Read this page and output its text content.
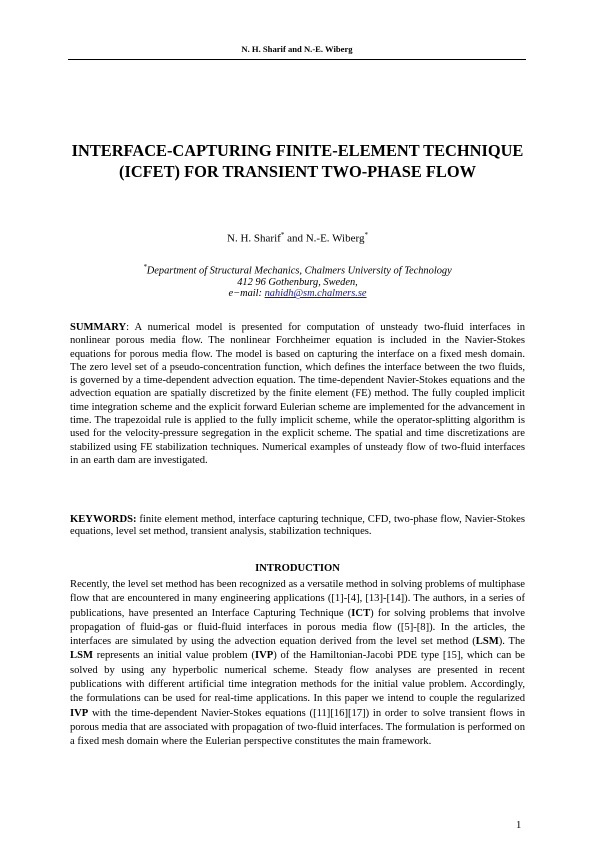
N. H. Sharif and N.-E. Wiberg
INTERFACE-CAPTURING FINITE-ELEMENT TECHNIQUE (ICFET) FOR TRANSIENT TWO-PHASE FLOW

N. H. Sharif* and N.-E. Wiberg*

*Department of Structural Mechanics, Chalmers University of Technology
412 96 Gothenburg, Sweden,
e−mail: nahidh@sm.chalmers.se

SUMMARY: A numerical model is presented for computation of unsteady two-fluid interfaces in nonlinear porous media flow. The nonlinear Forchheimer equation is included in the Navier-Stokes equations for porous media flow. The model is based on capturing the interface on a fixed mesh domain. The zero level set of a pseudo-concentration function, which defines the interface between the two fluids, is governed by a time-dependent advection equation. The time-dependent Navier-Stokes equations and the advection equation are spatially discretized by the finite element (FE) method. The fully coupled implicit time integration scheme and the explicit forward Eulerian scheme are implemented for the advancement in time. The trapezoidal rule is applied to the fully implicit scheme, while the operator-splitting algorithm is used for the velocity-pressure segregation in the explicit scheme. The spatial and time discretizations are stabilized using FE stabilization techniques. Numerical examples of unsteady flow of two-fluid interfaces in an earth dam are investigated.

KEYWORDS: finite element method, interface capturing technique, CFD, two-phase flow, Navier-Stokes equations, level set method, transient analysis, stabilization techniques.

INTRODUCTION

Recently, the level set method has been recognized as a versatile method in solving problems of multiphase flow that are encountered in many engineering applications ([1]-[4], [13]-[14]). The authors, in a series of publications, have presented an Interface Capturing Technique (ICT) for solving problems that involve propagation of fluid-gas or fluid-fluid interfaces in porous media flow ([5]-[8]). In the articles, the interfaces are simulated by using the advection equation derived from the level set method (LSM). The LSM represents an initial value problem (IVP) of the Hamiltonian-Jacobi PDE type [15], which can be solved by using any hyperbolic numerical scheme. Steady flow analyses are presented in recent publications with different artificial time integration methods for the initial value problem. Accordingly, the formulations can be used for real-time applications. In this paper we intend to couple the regularized IVP with the time-dependent Navier-Stokes equations ([11][16][17]) in order to solve transient flows in porous media that are associated with propagation of two-fluid interfaces. The formulation is performed on a fixed mesh domain where the Eulerian perspective constitutes the main framework.

1
